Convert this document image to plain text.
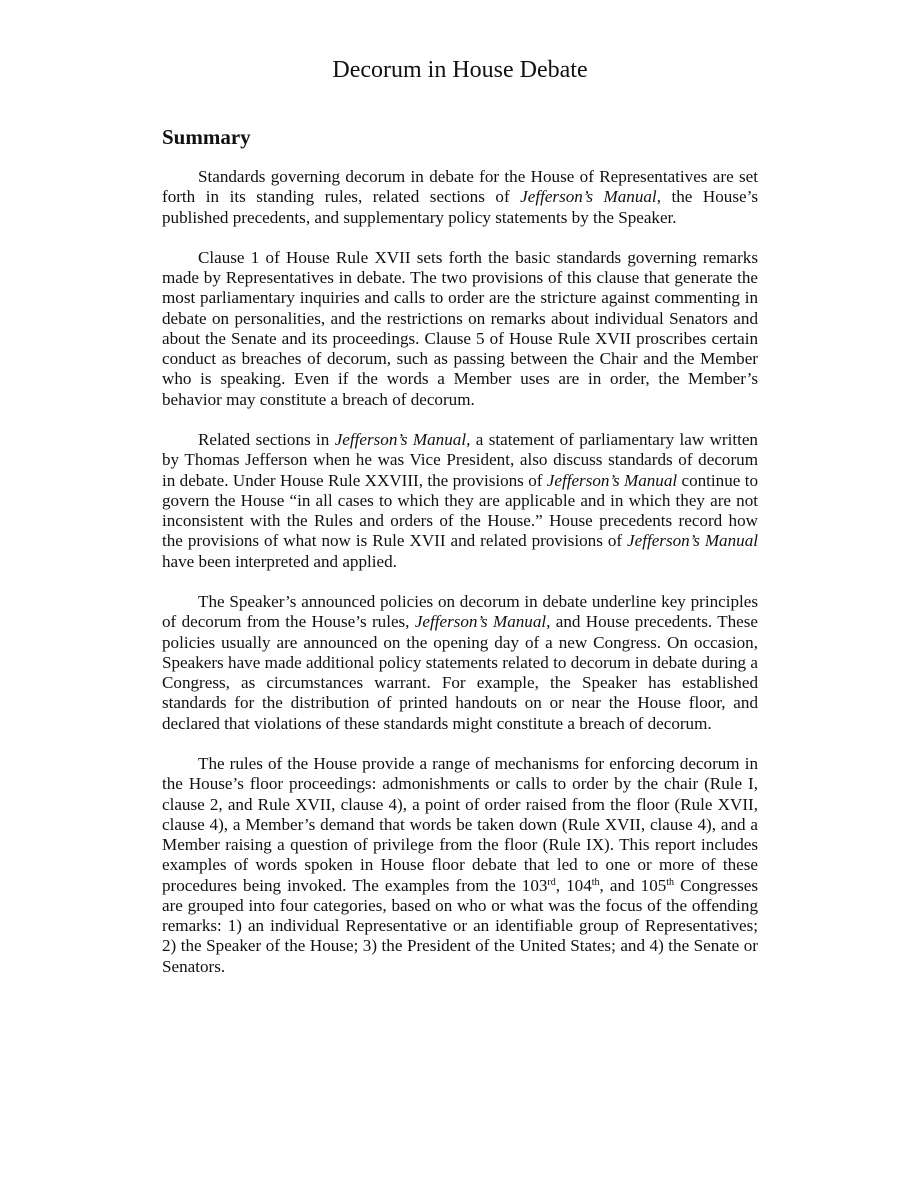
Decorum in House Debate
Summary

Standards governing decorum in debate for the House of Representatives are set forth in its standing rules, related sections of Jefferson’s Manual, the House’s published precedents, and supplementary policy statements by the Speaker.

Clause 1 of House Rule XVII sets forth the basic standards governing remarks made by Representatives in debate. The two provisions of this clause that generate the most parliamentary inquiries and calls to order are the stricture against commenting in debate on personalities, and the restrictions on remarks about individual Senators and about the Senate and its proceedings. Clause 5 of House Rule XVII proscribes certain conduct as breaches of decorum, such as passing between the Chair and the Member who is speaking. Even if the words a Member uses are in order, the Member’s behavior may constitute a breach of decorum.

Related sections in Jefferson’s Manual, a statement of parliamentary law written by Thomas Jefferson when he was Vice President, also discuss standards of decorum in debate. Under House Rule XXVIII, the provisions of Jefferson’s Manual continue to govern the House “in all cases to which they are applicable and in which they are not inconsistent with the Rules and orders of the House.” House precedents record how the provisions of what now is Rule XVII and related provisions of Jefferson’s Manual have been interpreted and applied.

The Speaker’s announced policies on decorum in debate underline key principles of decorum from the House’s rules, Jefferson’s Manual, and House precedents. These policies usually are announced on the opening day of a new Congress. On occasion, Speakers have made additional policy statements related to decorum in debate during a Congress, as circumstances warrant. For example, the Speaker has established standards for the distribution of printed handouts on or near the House floor, and declared that violations of these standards might constitute a breach of decorum.

The rules of the House provide a range of mechanisms for enforcing decorum in the House’s floor proceedings: admonishments or calls to order by the chair (Rule I, clause 2, and Rule XVII, clause 4), a point of order raised from the floor (Rule XVII, clause 4), a Member’s demand that words be taken down (Rule XVII, clause 4), and a Member raising a question of privilege from the floor (Rule IX). This report includes examples of words spoken in House floor debate that led to one or more of these procedures being invoked. The examples from the 103rd, 104th, and 105th Congresses are grouped into four categories, based on who or what was the focus of the offending remarks: 1) an individual Representative or an identifiable group of Representatives; 2) the Speaker of the House; 3) the President of the United States; and 4) the Senate or Senators.
